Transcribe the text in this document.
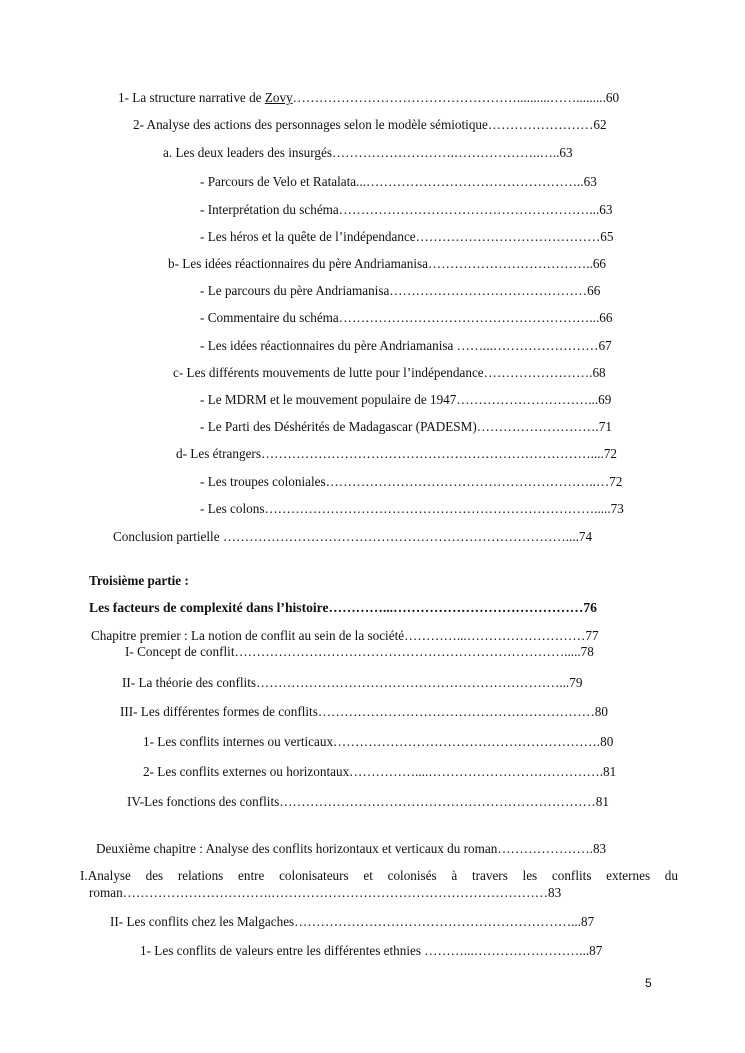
1- La structure narrative de Zovy……………………………………………..........…….........60
2- Analyse des actions des personnages selon le modèle sémiotique……………………62
a. Les deux leaders des insurgés……………………….………………..…..63
- Parcours de Velo et Ratalata...…………………………………………..63
- Interprétation du schéma…………………………………………………...63
- Les héros et la quête de l’indépendance……………………………………65
b- Les idées réactionnaires du père Andriamanisa………………………………..66
- Le parcours du père Andriamanisa………………………………………66
- Commentaire du schéma…………………………………………………...66
- Les idées réactionnaires du père Andriamanisa ……...……………………67
c- Les différents mouvements de lutte pour l’indépendance…………………….68
- Le MDRM et le mouvement populaire de 1947…………………………...69
- Le Parti des Déshérités de Madagascar (PADESM)……………………….71
d- Les étrangers…………………………………………………………………....72
- Les troupes coloniales……………………………………………………..…72
- Les colons………………………………………………………………….....73
Conclusion partielle ……………………………………………………………………....74
Troisième partie :
Les facteurs de complexité dans l’histoire…………...……………………………………76
Chapitre premier : La notion de conflit au sein de la société…………...………………………77
I- Concept de conflit………………………………………………………………….....78
II- La théorie des conflits……………………………………………………………...79
III- Les différentes formes de conflits………………………………………………………80
1- Les conflits internes ou verticaux…………………………………………………….80
2- Les conflits externes ou horizontaux……………....………………………………….81
IV-Les fonctions des conflits………………………………………………………………81
Deuxième chapitre : Analyse des conflits horizontaux et verticaux du roman………………….83
I.Analyse des relations entre colonisateurs et colonisés à travers les conflits externes du
roman…………………………….………………………………………………………83
II- Les conflits chez les Malgaches………………………………………………………...87
1- Les conflits de valeurs entre les différentes ethnies ………...……………………...87
5
